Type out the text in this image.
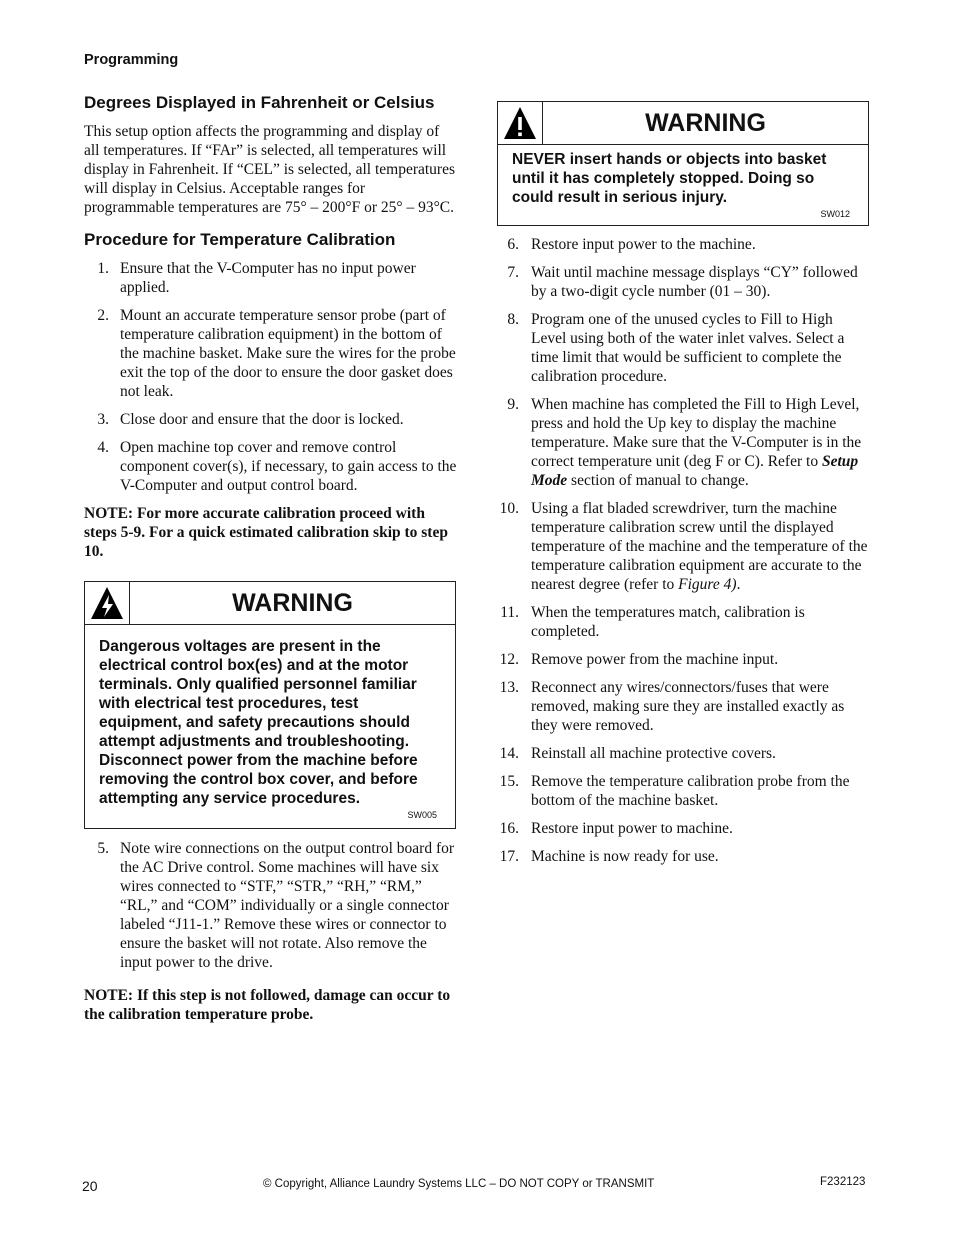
Programming
Degrees Displayed in Fahrenheit or Celsius

This setup option affects the programming and display of all temperatures. If “FAr” is selected, all temperatures will display in Fahrenheit. If “CEL” is selected, all temperatures will display in Celsius. Acceptable ranges for programmable temperatures are 75° – 200°F or 25° – 93°C.

Procedure for Temperature Calibration
1. Ensure that the V-Computer has no input power applied.
2. Mount an accurate temperature sensor probe (part of temperature calibration equipment) in the bottom of the machine basket. Make sure the wires for the probe exit the top of the door to ensure the door gasket does not leak.
3. Close door and ensure that the door is locked.
4. Open machine top cover and remove control component cover(s), if necessary, to gain access to the V-Computer and output control board.

NOTE: For more accurate calibration proceed with steps 5-9. For a quick estimated calibration skip to step 10.

WARNING
Dangerous voltages are present in the electrical control box(es) and at the motor terminals. Only qualified personnel familiar with electrical test procedures, test equipment, and safety precautions should attempt adjustments and troubleshooting. Disconnect power from the machine before removing the control box cover, and before attempting any service procedures.
SW005
5. Note wire connections on the output control board for the AC Drive control. Some machines will have six wires connected to “STF,” “STR,” “RH,” “RM,” “RL,” and “COM” individually or a single connector labeled “J11-1.” Remove these wires or connector to ensure the basket will not rotate. Also remove the input power to the drive.

NOTE: If this step is not followed, damage can occur to the calibration temperature probe.

WARNING
NEVER insert hands or objects into basket until it has completely stopped. Doing so could result in serious injury.
SW012
6. Restore input power to the machine.
7. Wait until machine message displays “CY” followed by a two-digit cycle number (01 – 30).
8. Program one of the unused cycles to Fill to High Level using both of the water inlet valves. Select a time limit that would be sufficient to complete the calibration procedure.
9. When machine has completed the Fill to High Level, press and hold the Up key to display the machine temperature. Make sure that the V-Computer is in the correct temperature unit (deg F or C). Refer to Setup Mode section of manual to change.
10. Using a flat bladed screwdriver, turn the machine temperature calibration screw until the displayed temperature of the machine and the temperature of the temperature calibration equipment are accurate to the nearest degree (refer to Figure 4).
11. When the temperatures match, calibration is completed.
12. Remove power from the machine input.
13. Reconnect any wires/connectors/fuses that were removed, making sure they are installed exactly as they were removed.
14. Reinstall all machine protective covers.
15. Remove the temperature calibration probe from the bottom of the machine basket.
16. Restore input power to machine.
17. Machine is now ready for use.
20	© Copyright, Alliance Laundry Systems LLC – DO NOT COPY or TRANSMIT	F232123
